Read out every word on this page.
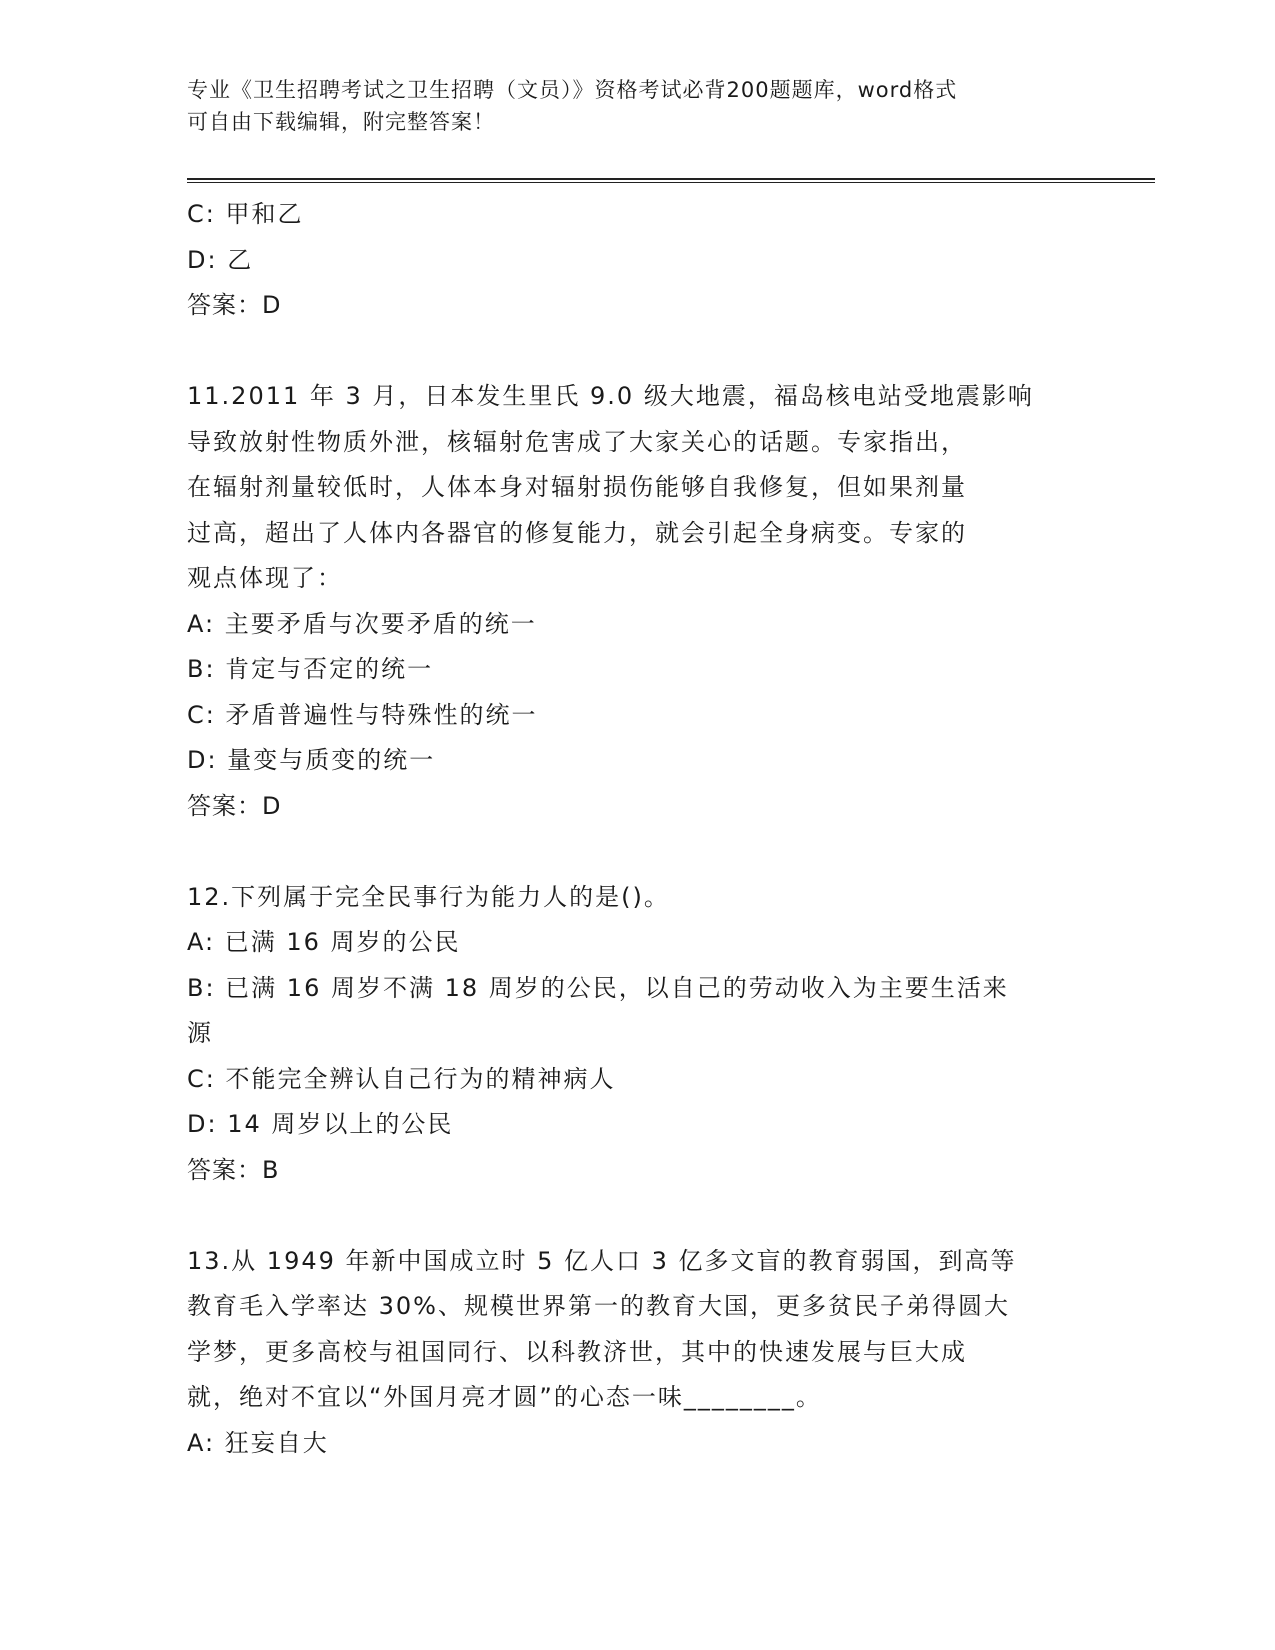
专业《卫生招聘考试之卫生招聘（文员）》资格考试必背200题题库，word格式
可自由下载编辑，附完整答案！
C: 甲和乙
D: 乙
答案：D
11.2011 年 3 月，日本发生里氏 9.0 级大地震，福岛核电站受地震影响
导致放射性物质外泄，核辐射危害成了大家关心的话题。专家指出，
在辐射剂量较低时，人体本身对辐射损伤能够自我修复，但如果剂量
过高，超出了人体内各器官的修复能力，就会引起全身病变。专家的
观点体现了：
A: 主要矛盾与次要矛盾的统一
B: 肯定与否定的统一
C: 矛盾普遍性与特殊性的统一
D: 量变与质变的统一
答案：D
12.下列属于完全民事行为能力人的是()。
A: 已满 16 周岁的公民
B: 已满 16 周岁不满 18 周岁的公民，以自己的劳动收入为主要生活来
源
C: 不能完全辨认自己行为的精神病人
D: 14 周岁以上的公民
答案：B
13.从 1949 年新中国成立时 5 亿人口 3 亿多文盲的教育弱国，到高等
教育毛入学率达 30%、规模世界第一的教育大国，更多贫民子弟得圆大
学梦，更多高校与祖国同行、以科教济世，其中的快速发展与巨大成
就，绝对不宜以“外国月亮才圆”的心态一味________。
A: 狂妄自大
